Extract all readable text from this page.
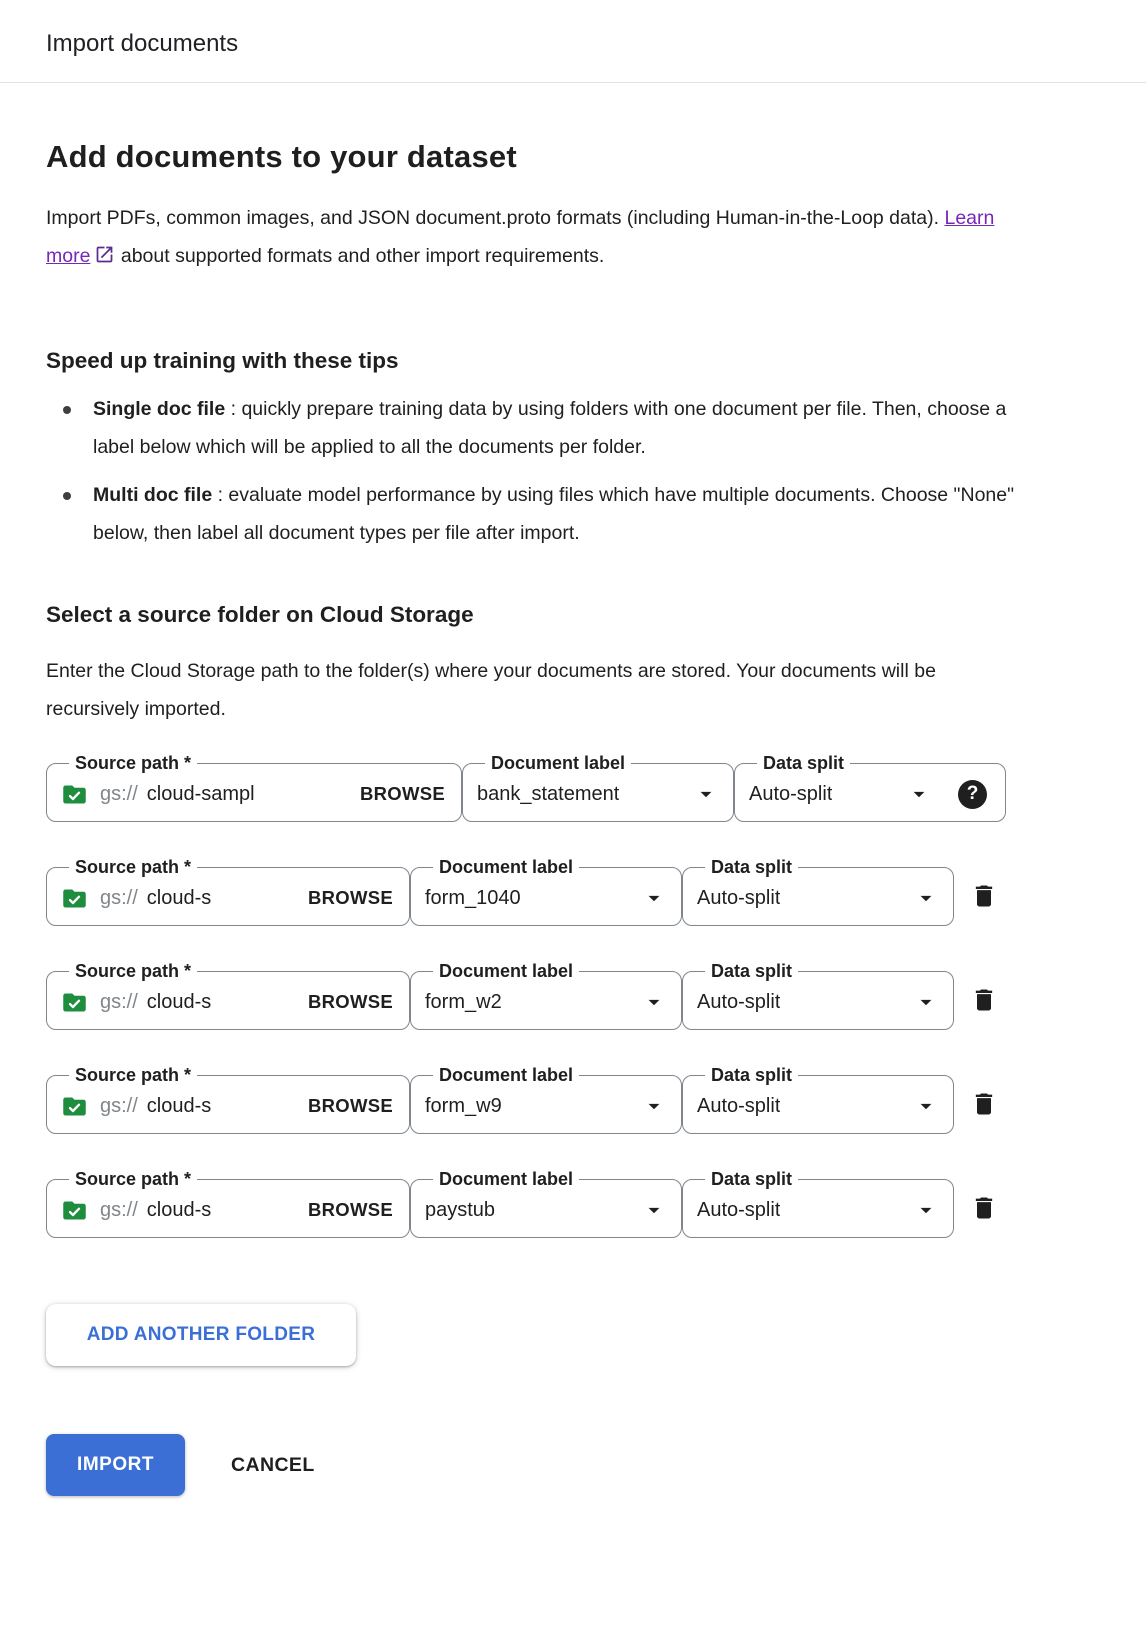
Import documents
Add documents to your dataset

Import PDFs, common images, and JSON document.proto formats (including Human-in-the-Loop data). Learn more about supported formats and other import requirements.

Speed up training with these tips
Single doc file : quickly prepare training data by using folders with one document per file. Then, choose a label below which will be applied to all the documents per folder.
Multi doc file : evaluate model performance by using files which have multiple documents. Choose "None" below, then label all document types per file after import.
Select a source folder on Cloud Storage

Enter the Cloud Storage path to the folder(s) where your documents are stored. Your documents will be recursively imported.

Source path *
gs:// cloud-sampl	BROWSE
Document label
bank_statement
Data split
Auto-split	?
Source path *
gs:// cloud-s	BROWSE
Document label
form_1040
Data split
Auto-split
Source path *
gs:// cloud-s	BROWSE
Document label
form_w2
Data split
Auto-split
Source path *
gs:// cloud-s	BROWSE
Document label
form_w9
Data split
Auto-split
Source path *
gs:// cloud-s	BROWSE
Document label
paystub
Data split
Auto-split
ADD ANOTHER FOLDER
IMPORT	CANCEL
